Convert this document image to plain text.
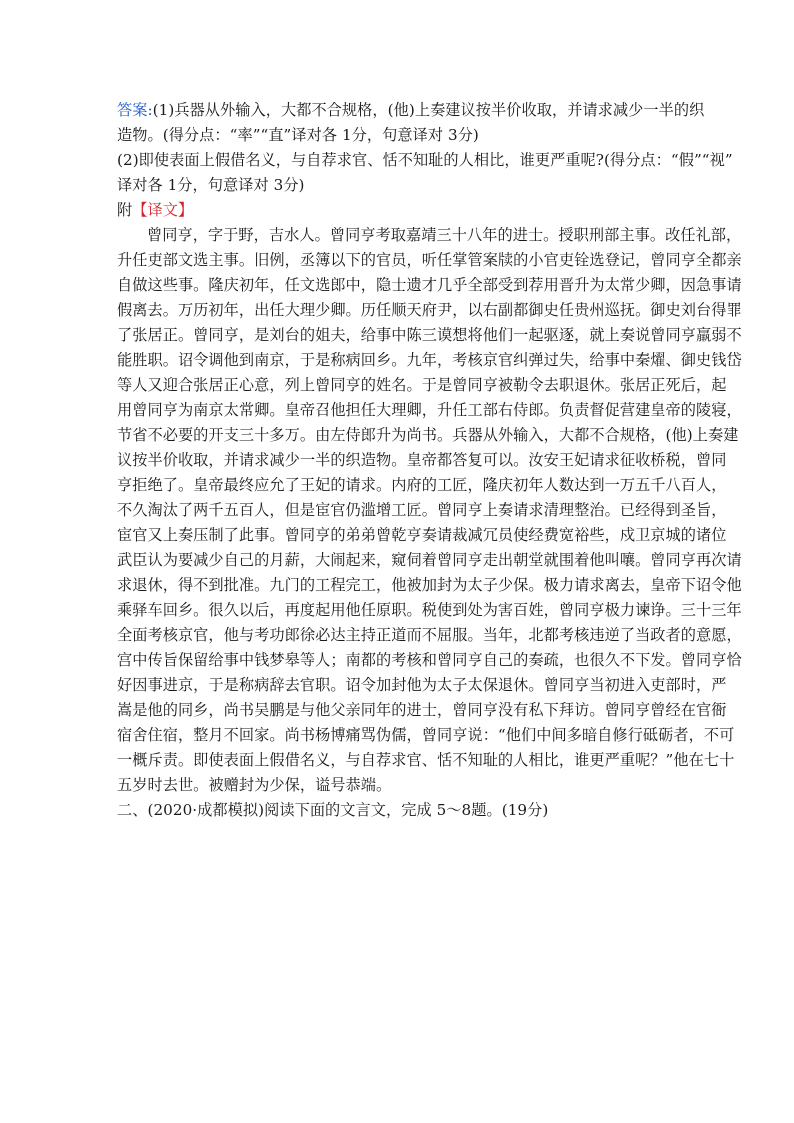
答案:(1)兵器从外输入，大都不合规格，(他)上奏建议按半价收取，并请求减少一半的织

造物。(得分点：“率”“直”译对各 1分，句意译对 3分)

(2)即使表面上假借名义，与自荐求官、恬不知耻的人相比，谁更严重呢?(得分点：“假”“视”

译对各 1分，句意译对 3分)

附【译文】

曾同亨，字于野，吉水人。曾同亨考取嘉靖三十八年的进士。授职刑部主事。改任礼部，

升任吏部文选主事。旧例，丞簿以下的官员，听任掌管案牍的小官吏铨选登记，曾同亨全都亲

自做这些事。隆庆初年，任文选郎中，隐士遗才几乎全部受到荐用晋升为太常少卿，因急事请

假离去。万历初年，出任大理少卿。历任顺天府尹，以右副都御史任贵州巡抚。御史刘台得罪

了张居正。曾同亨，是刘台的姐夫，给事中陈三谟想将他们一起驱逐，就上奏说曾同亨羸弱不

能胜职。诏令调他到南京，于是称病回乡。九年，考核京官纠弹过失，给事中秦燿、御史钱岱

等人又迎合张居正心意，列上曾同亨的姓名。于是曾同亨被勒令去职退休。张居正死后，起

用曾同亨为南京太常卿。皇帝召他担任大理卿，升任工部右侍郎。负责督促营建皇帝的陵寝，

节省不必要的开支三十多万。由左侍郎升为尚书。兵器从外输入，大都不合规格，(他)上奏建

议按半价收取，并请求减少一半的织造物。皇帝都答复可以。汝安王妃请求征收桥税，曾同

亨拒绝了。皇帝最终应允了王妃的请求。内府的工匠，隆庆初年人数达到一万五千八百人，

不久淘汰了两千五百人，但是宦官仍滥增工匠。曾同亨上奏请求清理整治。已经得到圣旨，

宦官又上奏压制了此事。曾同亨的弟弟曾乾亨奏请裁减冗员使经费宽裕些，戍卫京城的诸位

武臣认为要减少自己的月薪，大闹起来，窥伺着曾同亨走出朝堂就围着他叫嚷。曾同亨再次请

求退休，得不到批准。九门的工程完工，他被加封为太子少保。极力请求离去，皇帝下诏令他

乘驿车回乡。很久以后，再度起用他任原职。税使到处为害百姓，曾同亨极力谏诤。三十三年

全面考核京官，他与考功郎徐必达主持正道而不屈服。当年，北都考核违逆了当政者的意愿，

宫中传旨保留给事中钱梦皋等人；南都的考核和曾同亨自己的奏疏，也很久不下发。曾同亨恰

好因事进京，于是称病辞去官职。诏令加封他为太子太保退休。曾同亨当初进入吏部时，严

嵩是他的同乡，尚书吴鹏是与他父亲同年的进士，曾同亨没有私下拜访。曾同亨曾经在官衙

宿舍住宿，整月不回家。尚书杨博痛骂伪儒，曾同亨说：“他们中间多暗自修行砥砺者，不可

一概斥责。即使表面上假借名义，与自荐求官、恬不知耻的人相比，谁更严重呢？”他在七十

五岁时去世。被赠封为少保，谥号恭端。

二、(2020·成都模拟)阅读下面的文言文，完成 5～8题。(19分)
